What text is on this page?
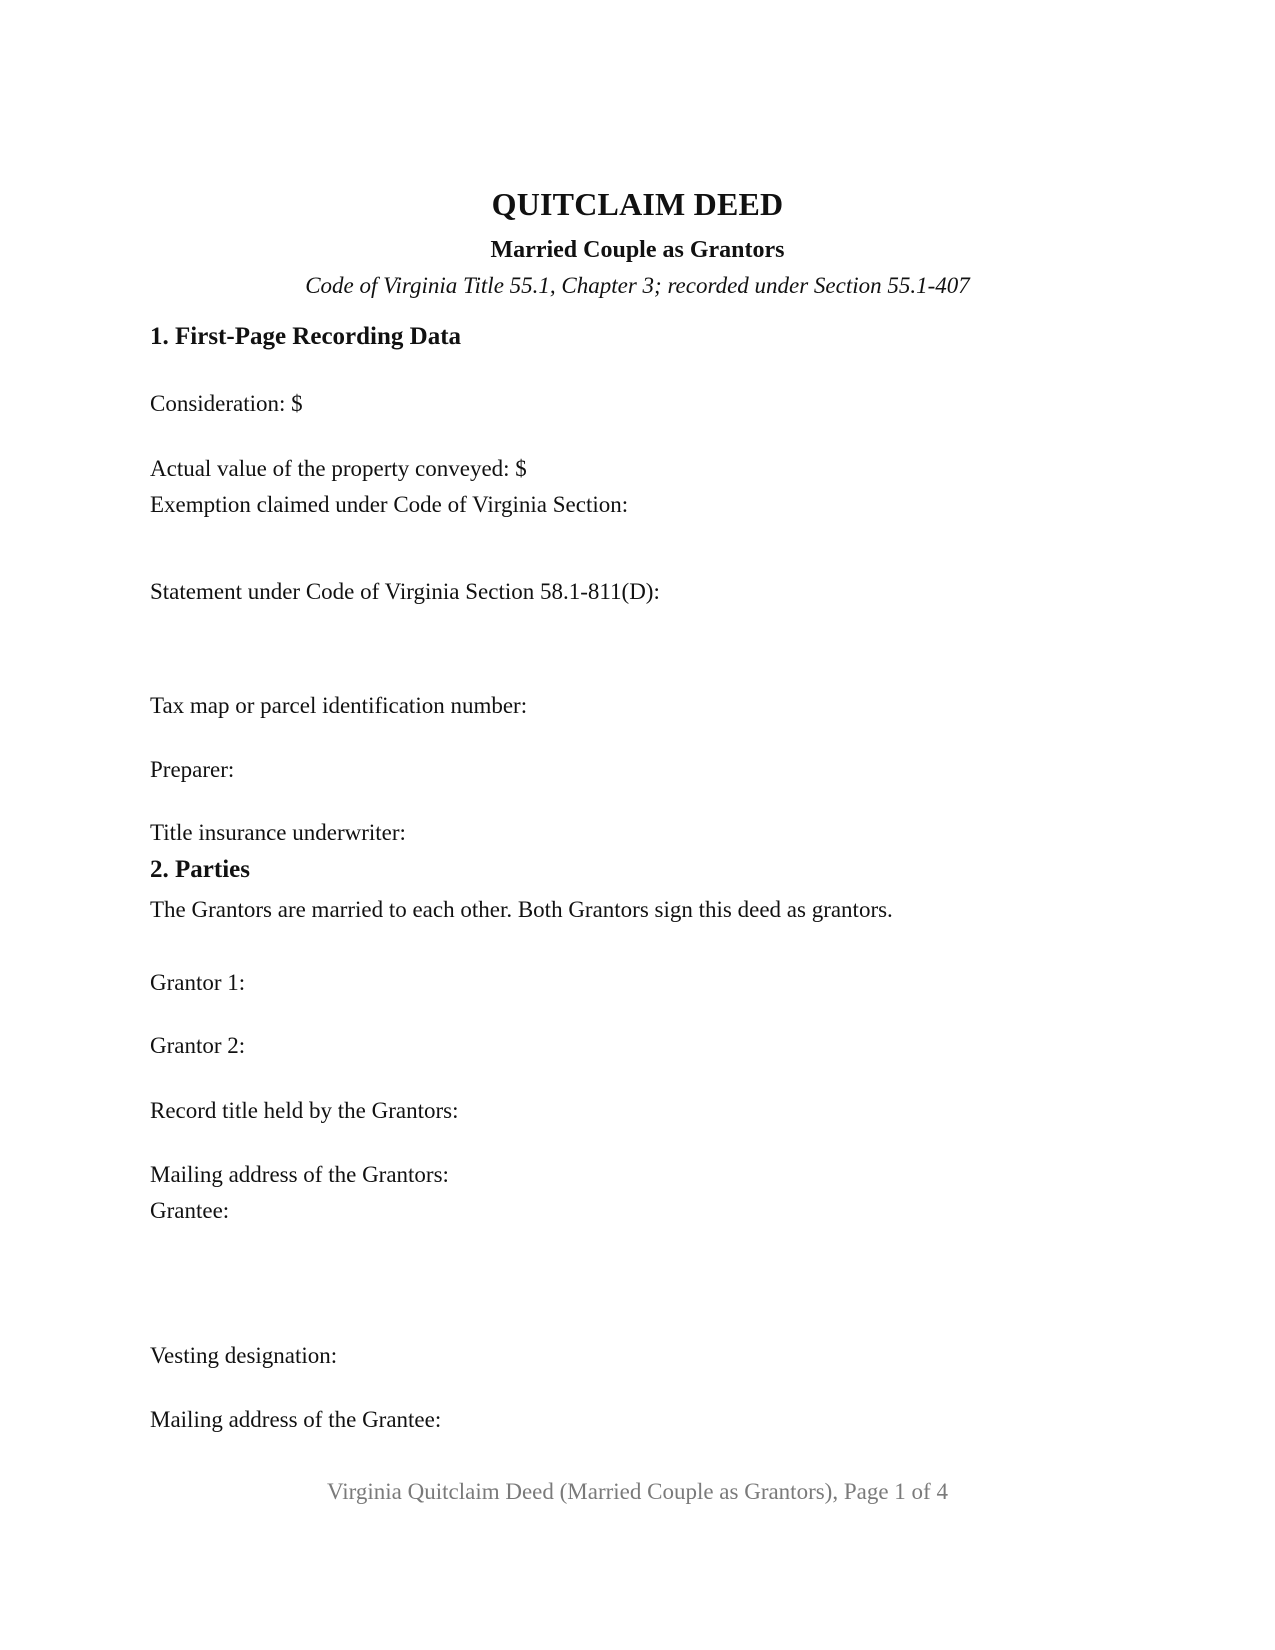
QUITCLAIM DEED
Married Couple as Grantors
Code of Virginia Title 55.1, Chapter 3; recorded under Section 55.1-407
1. First-Page Recording Data
Consideration: $
Actual value of the property conveyed: $
Exemption claimed under Code of Virginia Section:
Statement under Code of Virginia Section 58.1-811(D):
Tax map or parcel identification number:
Preparer:
Title insurance underwriter:
2. Parties
The Grantors are married to each other. Both Grantors sign this deed as grantors.
Grantor 1:
Grantor 2:
Record title held by the Grantors:
Mailing address of the Grantors:
Grantee:
Vesting designation:
Mailing address of the Grantee:
Virginia Quitclaim Deed (Married Couple as Grantors), Page 1 of 4
